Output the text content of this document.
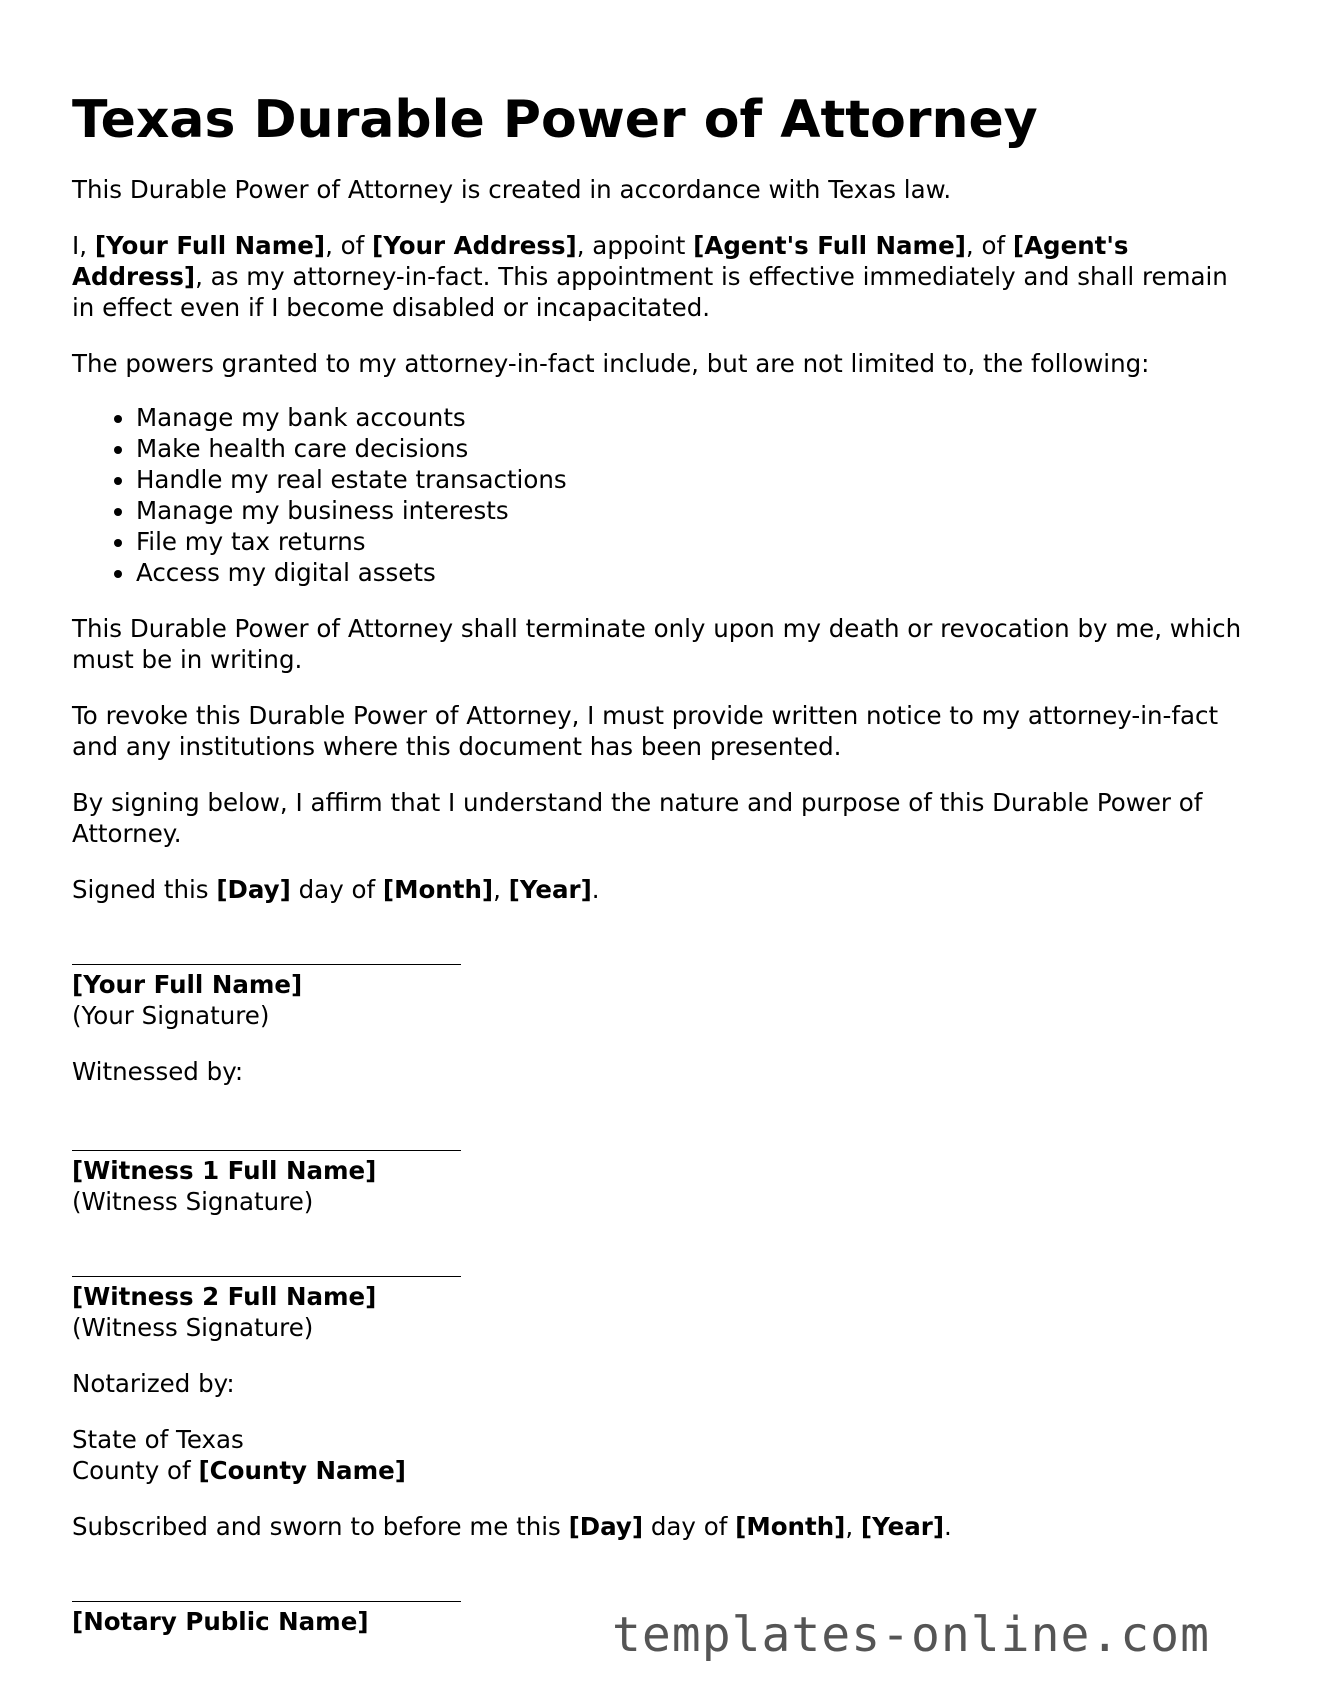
Texas Durable Power of Attorney

This Durable Power of Attorney is created in accordance with Texas law.

I, [Your Full Name], of [Your Address], appoint [Agent's Full Name], of [Agent's Address], as my attorney-in-fact. This appointment is effective immediately and shall remain in effect even if I become disabled or incapacitated.

The powers granted to my attorney-in-fact include, but are not limited to, the following:

• Manage my bank accounts
• Make health care decisions
• Handle my real estate transactions
• Manage my business interests
• File my tax returns
• Access my digital assets

This Durable Power of Attorney shall terminate only upon my death or revocation by me, which must be in writing.

To revoke this Durable Power of Attorney, I must provide written notice to my attorney-in-fact and any institutions where this document has been presented.

By signing below, I affirm that I understand the nature and purpose of this Durable Power of Attorney.

Signed this [Day] day of [Month], [Year].

[Your Full Name]
(Your Signature)

Witnessed by:

[Witness 1 Full Name]
(Witness Signature)
[Witness 2 Full Name]
(Witness Signature)

Notarized by:

State of Texas
County of [County Name]

Subscribed and sworn to before me this [Day] day of [Month], [Year].

[Notary Public Name]	templates-online.com
